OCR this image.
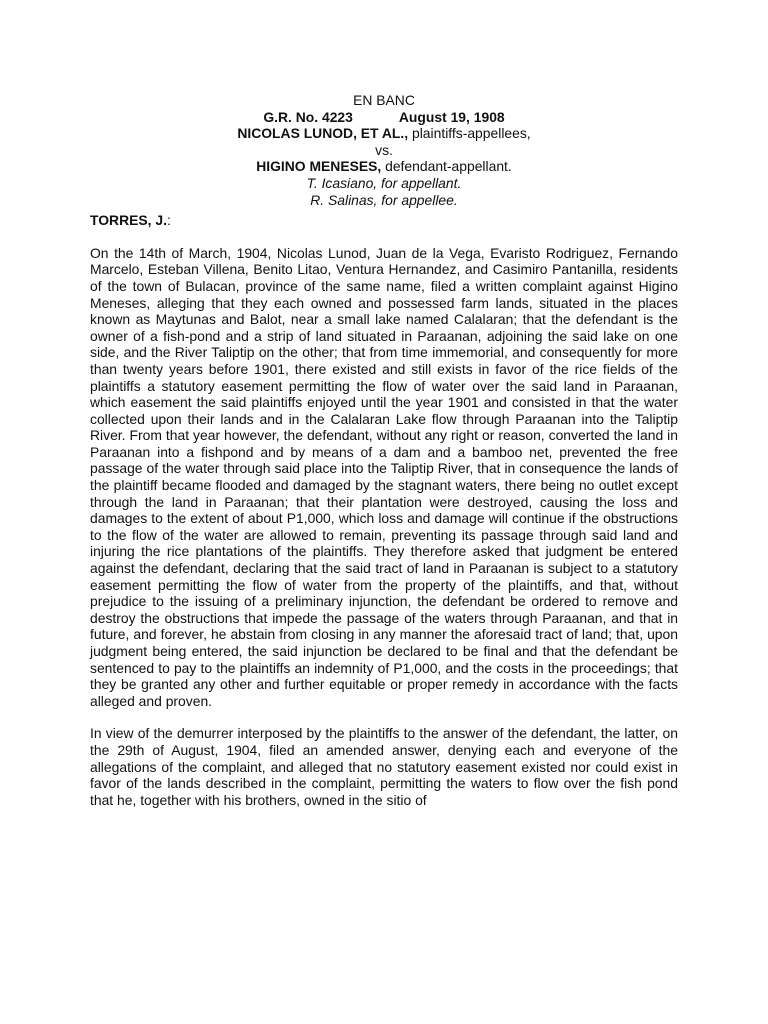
EN BANC

G.R. No. 4223	August 19, 1908

NICOLAS LUNOD, ET AL., plaintiffs-appellees,

vs.

HIGINO MENESES, defendant-appellant.

T. Icasiano, for appellant.

R. Salinas, for appellee.

TORRES, J.:

On the 14th of March, 1904, Nicolas Lunod, Juan de la Vega, Evaristo Rodriguez, Fernando Marcelo, Esteban Villena, Benito Litao, Ventura Hernandez, and Casimiro Pantanilla, residents of the town of Bulacan, province of the same name, filed a written complaint against Higino Meneses, alleging that they each owned and possessed farm lands, situated in the places known as Maytunas and Balot, near a small lake named Calalaran; that the defendant is the owner of a fish-pond and a strip of land situated in Paraanan, adjoining the said lake on one side, and the River Taliptip on the other; that from time immemorial, and consequently for more than twenty years before 1901, there existed and still exists in favor of the rice fields of the plaintiffs a statutory easement permitting the flow of water over the said land in Paraanan, which easement the said plaintiffs enjoyed until the year 1901 and consisted in that the water collected upon their lands and in the Calalaran Lake flow through Paraanan into the Taliptip River. From that year however, the defendant, without any right or reason, converted the land in Paraanan into a fishpond and by means of a dam and a bamboo net, prevented the free passage of the water through said place into the Taliptip River, that in consequence the lands of the plaintiff became flooded and damaged by the stagnant waters, there being no outlet except through the land in Paraanan; that their plantation were destroyed, causing the loss and damages to the extent of about P1,000, which loss and damage will continue if the obstructions to the flow of the water are allowed to remain, preventing its passage through said land and injuring the rice plantations of the plaintiffs. They therefore asked that judgment be entered against the defendant, declaring that the said tract of land in Paraanan is subject to a statutory easement permitting the flow of water from the property of the plaintiffs, and that, without prejudice to the issuing of a preliminary injunction, the defendant be ordered to remove and destroy the obstructions that impede the passage of the waters through Paraanan, and that in future, and forever, he abstain from closing in any manner the aforesaid tract of land; that, upon judgment being entered, the said injunction be declared to be final and that the defendant be sentenced to pay to the plaintiffs an indemnity of P1,000, and the costs in the proceedings; that they be granted any other and further equitable or proper remedy in accordance with the facts alleged and proven.

In view of the demurrer interposed by the plaintiffs to the answer of the defendant, the latter, on the 29th of August, 1904, filed an amended answer, denying each and everyone of the allegations of the complaint, and alleged that no statutory easement existed nor could exist in favor of the lands described in the complaint, permitting the waters to flow over the fish pond that he, together with his brothers, owned in the sitio of
